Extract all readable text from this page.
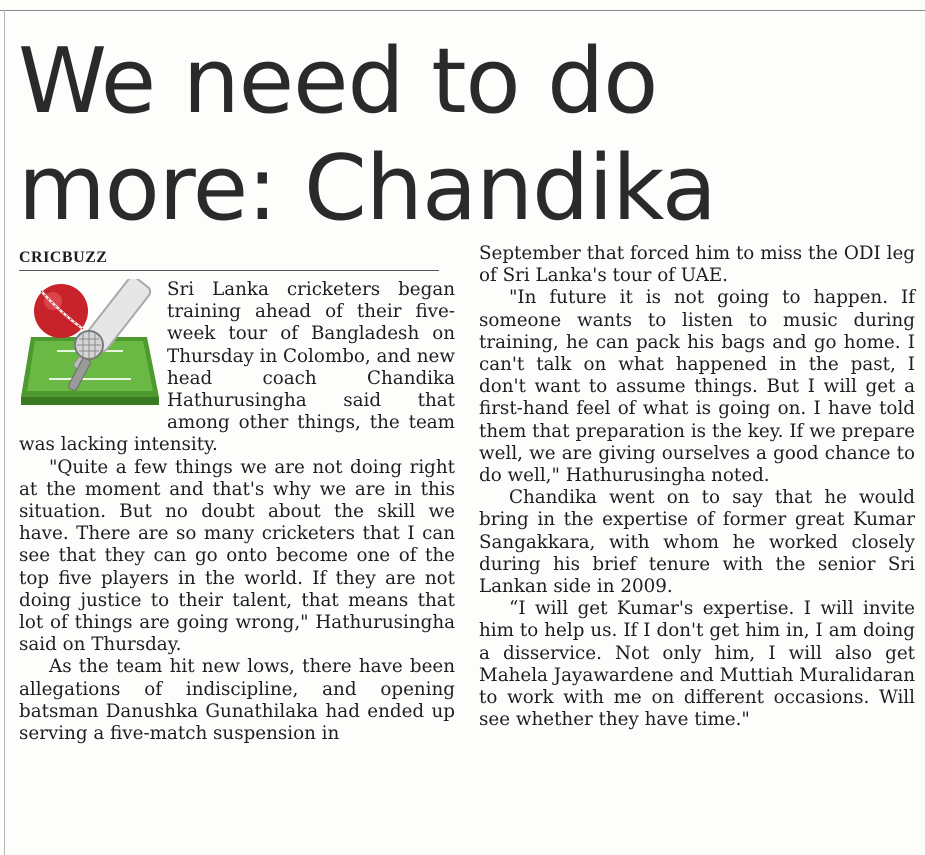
We need to do
more: Chandika
CRICBUZZ

Sri Lanka cricketers began training ahead of their five-week tour of Bangladesh on Thursday in Colombo, and new head coach Chandika Hathurusingha said that among other things, the team was lacking intensity.

"Quite a few things we are not doing right at the moment and that's why we are in this situation. But no doubt about the skill we have. There are so many cricketers that I can see that they can go onto become one of the top five players in the world. If they are not doing justice to their talent, that means that lot of things are going wrong," Hathurusingha said on Thursday.

As the team hit new lows, there have been allegations of indiscipline, and opening batsman Danushka Gunathilaka had ended up serving a five-match suspension in

September that forced him to miss the ODI leg of Sri Lanka's tour of UAE.

"In future it is not going to happen. If someone wants to listen to music during training, he can pack his bags and go home. I can't talk on what happened in the past, I don't want to assume things. But I will get a first-hand feel of what is going on. I have told them that preparation is the key. If we prepare well, we are giving ourselves a good chance to do well," Hathurusingha noted.

Chandika went on to say that he would bring in the expertise of former great Kumar Sangakkara, with whom he worked closely during his brief tenure with the senior Sri Lankan side in 2009.

“I will get Kumar's expertise. I will invite him to help us. If I don't get him in, I am doing a disservice. Not only him, I will also get Mahela Jayawardene and Muttiah Muralidaran to work with me on different occasions. Will see whether they have time."
